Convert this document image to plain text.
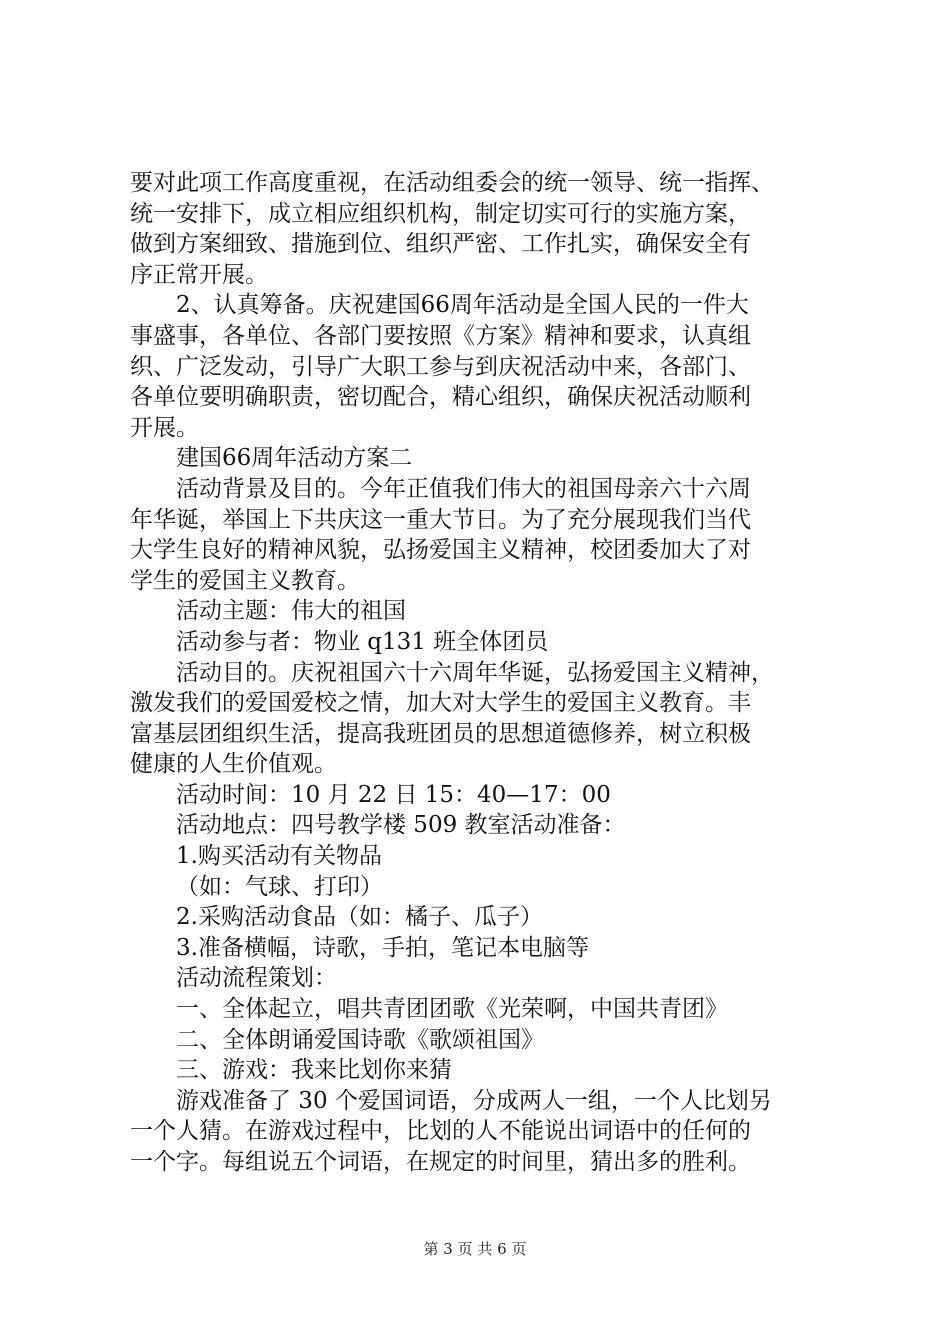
要对此项工作高度重视，在活动组委会的统一领导、统一指挥、
统一安排下，成立相应组织机构，制定切实可行的实施方案，
做到方案细致、措施到位、组织严密、工作扎实，确保安全有
序正常开展。
2、认真筹备。庆祝建国66周年活动是全国人民的一件大
事盛事，各单位、各部门要按照《方案》精神和要求，认真组
织、广泛发动，引导广大职工参与到庆祝活动中来，各部门、
各单位要明确职责，密切配合，精心组织，确保庆祝活动顺利
开展。
建国66周年活动方案二
活动背景及目的。今年正值我们伟大的祖国母亲六十六周
年华诞，举国上下共庆这一重大节日。为了充分展现我们当代
大学生良好的精神风貌，弘扬爱国主义精神，校团委加大了对
学生的爱国主义教育。
活动主题：伟大的祖国
活动参与者：物业 q131 班全体团员
活动目的。庆祝祖国六十六周年华诞，弘扬爱国主义精神，
激发我们的爱国爱校之情，加大对大学生的爱国主义教育。丰
富基层团组织生活，提高我班团员的思想道德修养，树立积极
健康的人生价值观。
活动时间：10 月 22 日 15：40—17：00
活动地点：四号教学楼 509 教室活动准备：
1.购买活动有关物品
（如：气球、打印）
2.采购活动食品（如：橘子、瓜子）
3.准备横幅，诗歌，手拍，笔记本电脑等
活动流程策划：
一、全体起立，唱共青团团歌《光荣啊，中国共青团》
二、全体朗诵爱国诗歌《歌颂祖国》
三、游戏：我来比划你来猜
游戏准备了 30 个爱国词语，分成两人一组，一个人比划另
一个人猜。在游戏过程中，比划的人不能说出词语中的任何的
一个字。每组说五个词语，在规定的时间里，猜出多的胜利。
第 3 页 共 6 页
